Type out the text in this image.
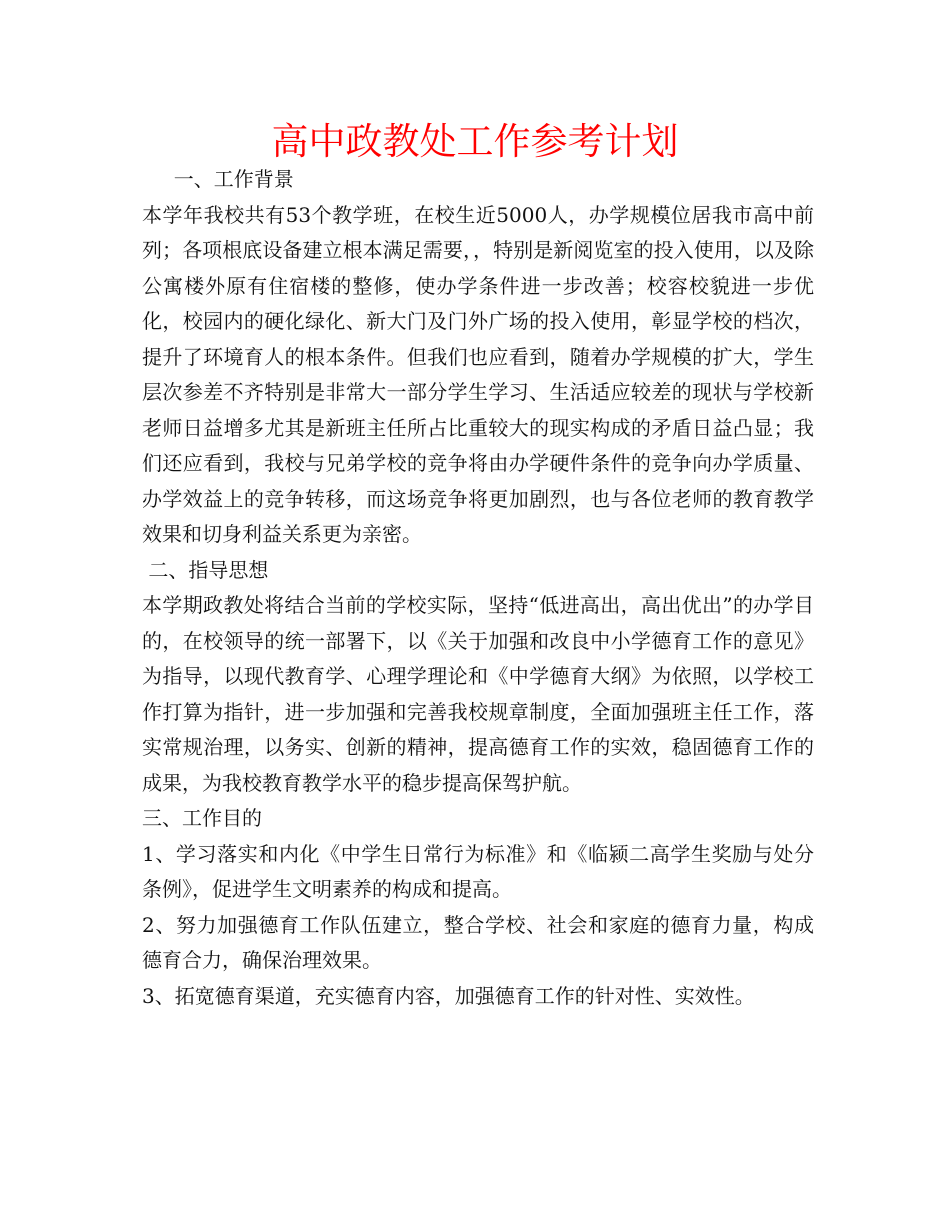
高中政教处工作参考计划
一、工作背景

本学年我校共有53个教学班，在校生近5000人，办学规模位居我市高中前列；各项根底设备建立根本满足需要，，特别是新阅览室的投入使用，以及除公寓楼外原有住宿楼的整修，使办学条件进一步改善；校容校貌进一步优化，校园内的硬化绿化、新大门及门外广场的投入使用，彰显学校的档次，提升了环境育人的根本条件。但我们也应看到，随着办学规模的扩大，学生层次参差不齐特别是非常大一部分学生学习、生活适应较差的现状与学校新老师日益增多尤其是新班主任所占比重较大的现实构成的矛盾日益凸显；我们还应看到，我校与兄弟学校的竞争将由办学硬件条件的竞争向办学质量、办学效益上的竞争转移，而这场竞争将更加剧烈，也与各位老师的教育教学效果和切身利益关系更为亲密。

二、指导思想

本学期政教处将结合当前的学校实际，坚持“低进高出，高出优出”的办学目的，在校领导的统一部署下，以《关于加强和改良中小学德育工作的意见》为指导，以现代教育学、心理学理论和《中学德育大纲》为依照，以学校工作打算为指针，进一步加强和完善我校规章制度，全面加强班主任工作，落实常规治理，以务实、创新的精神，提高德育工作的实效，稳固德育工作的成果，为我校教育教学水平的稳步提高保驾护航。

三、工作目的

1、学习落实和内化《中学生日常行为标准》和《临颍二高学生奖励与处分条例》，促进学生文明素养的构成和提高。

2、努力加强德育工作队伍建立，整合学校、社会和家庭的德育力量，构成德育合力，确保治理效果。

3、拓宽德育渠道，充实德育内容，加强德育工作的针对性、实效性。
